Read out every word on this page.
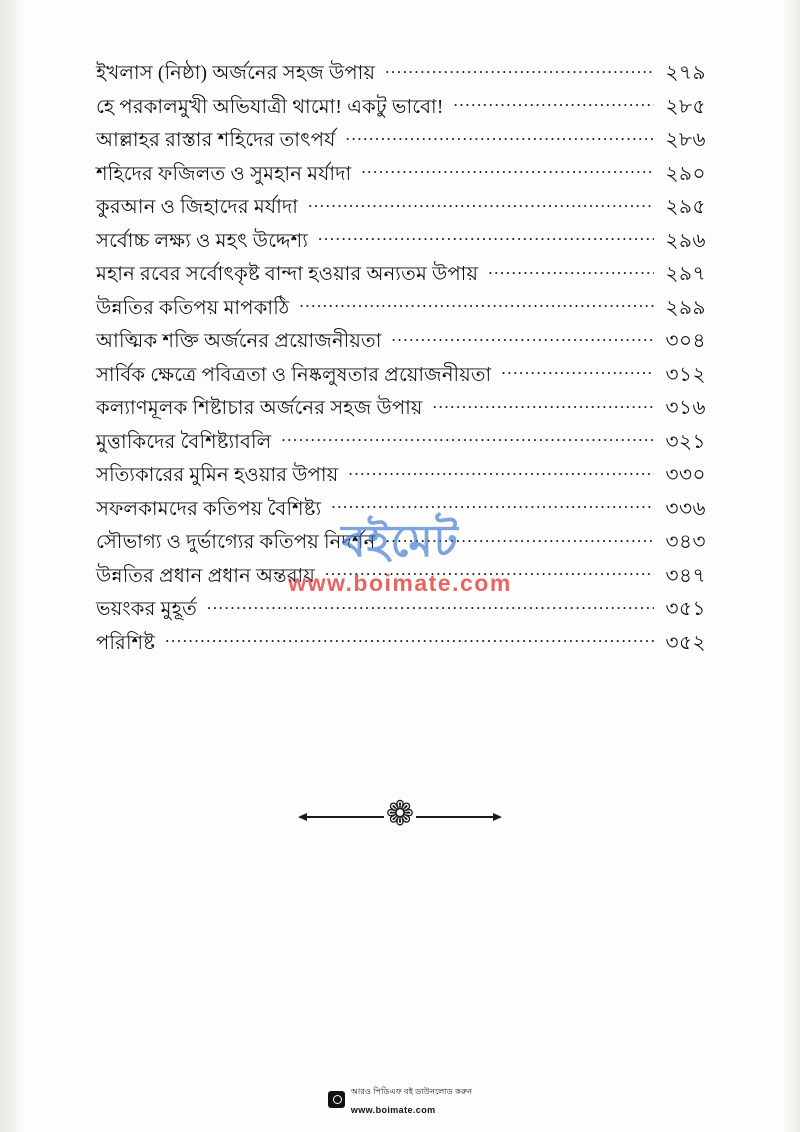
ইখলাস (নিষ্ঠা) অর্জনের সহজ উপায় .....	২৭৯
হে পরকালমুখী অভিযাত্রী থামো! একটু ভাবো! .....	২৮৫
আল্লাহর রাস্তার শহিদের তাৎপর্য .....	২৮৬
শহিদের ফজিলত ও সুমহান মর্যাদা .....	২৯০
কুরআন ও জিহাদের মর্যাদা .....	২৯৫
সর্বোচ্চ লক্ষ্য ও মহৎ উদ্দেশ্য .....	২৯৬
মহান রবের সর্বোৎকৃষ্ট বান্দা হওয়ার অন্যতম উপায় .....	২৯৭
উন্নতির কতিপয় মাপকাঠি .....	২৯৯
আত্মিক শক্তি অর্জনের প্রয়োজনীয়তা .....	৩০৪
সার্বিক ক্ষেত্রে পবিত্রতা ও নিষ্কলুষতার প্রয়োজনীয়তা .....	৩১২
কল্যাণমূলক শিষ্টাচার অর্জনের সহজ উপায় .....	৩১৬
মুত্তাকিদের বৈশিষ্ট্যাবলি .....	৩২১
সত্যিকারের মুমিন হওয়ার উপায় .....	৩৩০
সফলকামদের কতিপয় বৈশিষ্ট্য .....	৩৩৬
সৌভাগ্য ও দুর্ভাগ্যের কতিপয় নিদর্শন .....	৩৪৩
উন্নতির প্রধান প্রধান অন্তরায় .....	৩৪৭
ভয়ংকর মুহূর্ত .....	৩৫১
পরিশিষ্ট .....	৩৫২
বইমেট
www.boimate.com
❁
আরও পিডিএফ বই ডাউনলোড করুন
www.boimate.com
